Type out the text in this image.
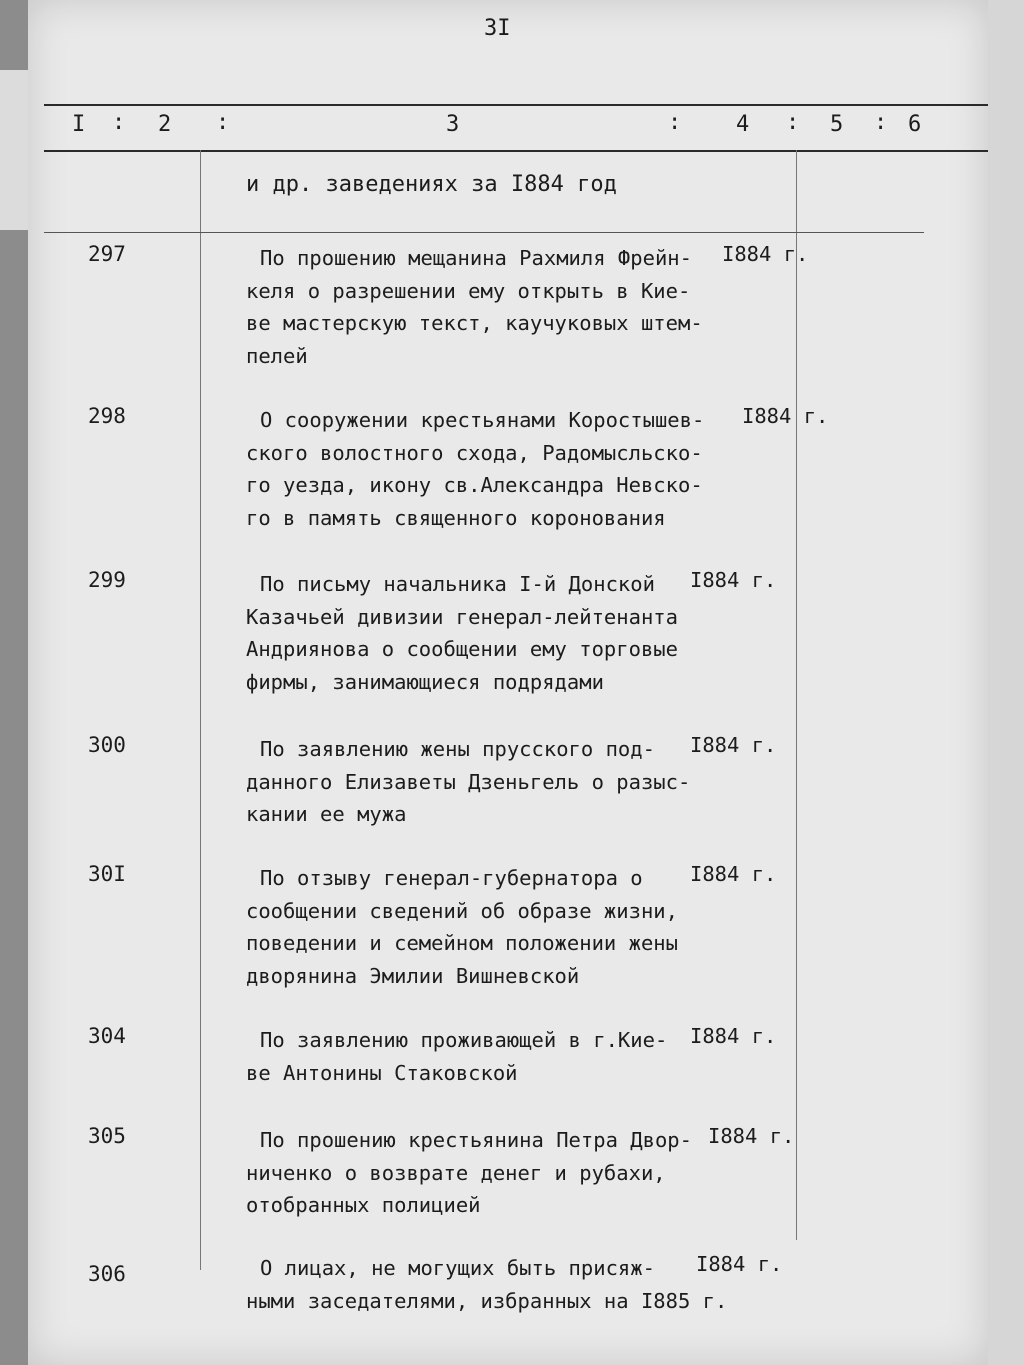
3I
I : 2 :	3	: 4 : 5 : 6
и др. заведениях за I884 год
297	По прошению мещанина Рахмиля Фрейн-
келя о разрешении ему открыть в Кие-
ве мастерскую текст, каучуковых штем-
пелей
I884 г.
298	О сооружении крестьянами Коростышев-
ского волостного схода, Радомысльско-
го уезда, икону св.Александра Невско-
го в память священного коронования
I884 г.
299	По письму начальника I-й Донской
Казачьей дивизии генерал-лейтенанта
Андриянова о сообщении ему торговые
фирмы, занимающиеся подрядами
I884 г.
300	По заявлению жены прусского под-
данного Елизаветы Дзеньгель о разыс-
кании ее мужа
I884 г.
30I	По отзыву генерал-губернатора о
сообщении сведений об образе жизни,
поведении и семейном положении жены
дворянина Эмилии Вишневской
I884 г.
304	По заявлению проживающей в г.Кие-
ве Антонины Стаковской
I884 г.
305	По прошению крестьянина Петра Двор-
ниченко о возврате денег и рубахи,
отобранных полицией
I884 г.
306	О лицах, не могущих быть присяж-
ными заседателями, избранных на I885 г.
I884 г.
